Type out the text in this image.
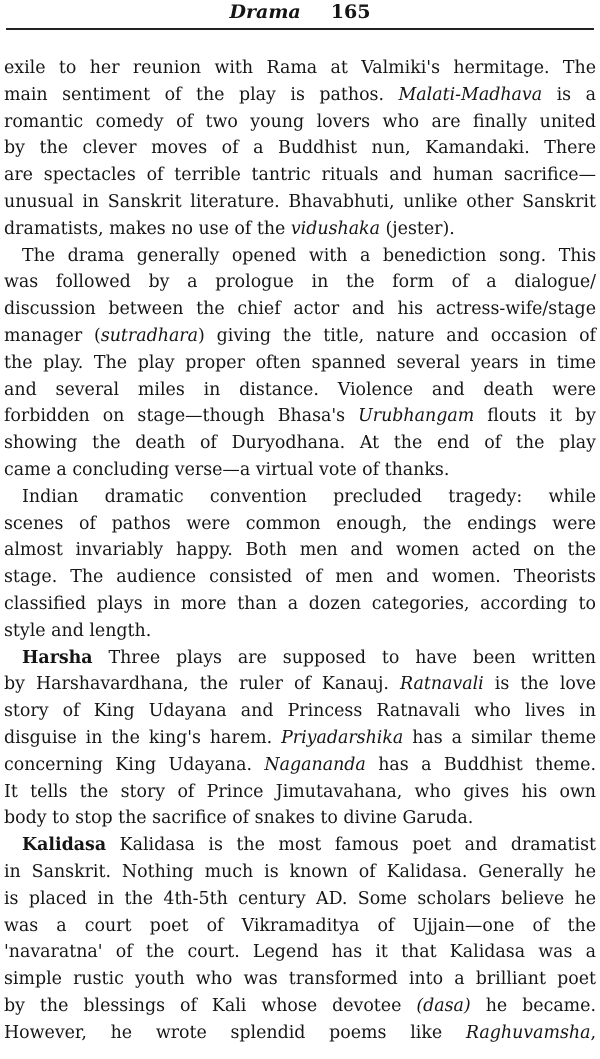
Drama 165
exile to her reunion with Rama at Valmiki's hermitage. The
main sentiment of the play is pathos. Malati-Madhava is a
romantic comedy of two young lovers who are finally united
by the clever moves of a Buddhist nun, Kamandaki. There
are spectacles of terrible tantric rituals and human sacrifice—
unusual in Sanskrit literature. Bhavabhuti, unlike other Sanskrit
dramatists, makes no use of the vidushaka (jester).
The drama generally opened with a benediction song. This
was followed by a prologue in the form of a dialogue/
discussion between the chief actor and his actress-wife/stage
manager (sutradhara) giving the title, nature and occasion of
the play. The play proper often spanned several years in time
and several miles in distance. Violence and death were
forbidden on stage—though Bhasa's Urubhangam flouts it by
showing the death of Duryodhana. At the end of the play
came a concluding verse—a virtual vote of thanks.
Indian dramatic convention precluded tragedy: while
scenes of pathos were common enough, the endings were
almost invariably happy. Both men and women acted on the
stage. The audience consisted of men and women. Theorists
classified plays in more than a dozen categories, according to
style and length.
Harsha Three plays are supposed to have been written
by Harshavardhana, the ruler of Kanauj. Ratnavali is the love
story of King Udayana and Princess Ratnavali who lives in
disguise in the king's harem. Priyadarshika has a similar theme
concerning King Udayana. Nagananda has a Buddhist theme.
It tells the story of Prince Jimutavahana, who gives his own
body to stop the sacrifice of snakes to divine Garuda.
Kalidasa Kalidasa is the most famous poet and dramatist
in Sanskrit. Nothing much is known of Kalidasa. Generally he
is placed in the 4th-5th century AD. Some scholars believe he
was a court poet of Vikramaditya of Ujjain—one of the
'navaratna' of the court. Legend has it that Kalidasa was a
simple rustic youth who was transformed into a brilliant poet
by the blessings of Kali whose devotee (dasa) he became.
However, he wrote splendid poems like Raghuvamsha,
